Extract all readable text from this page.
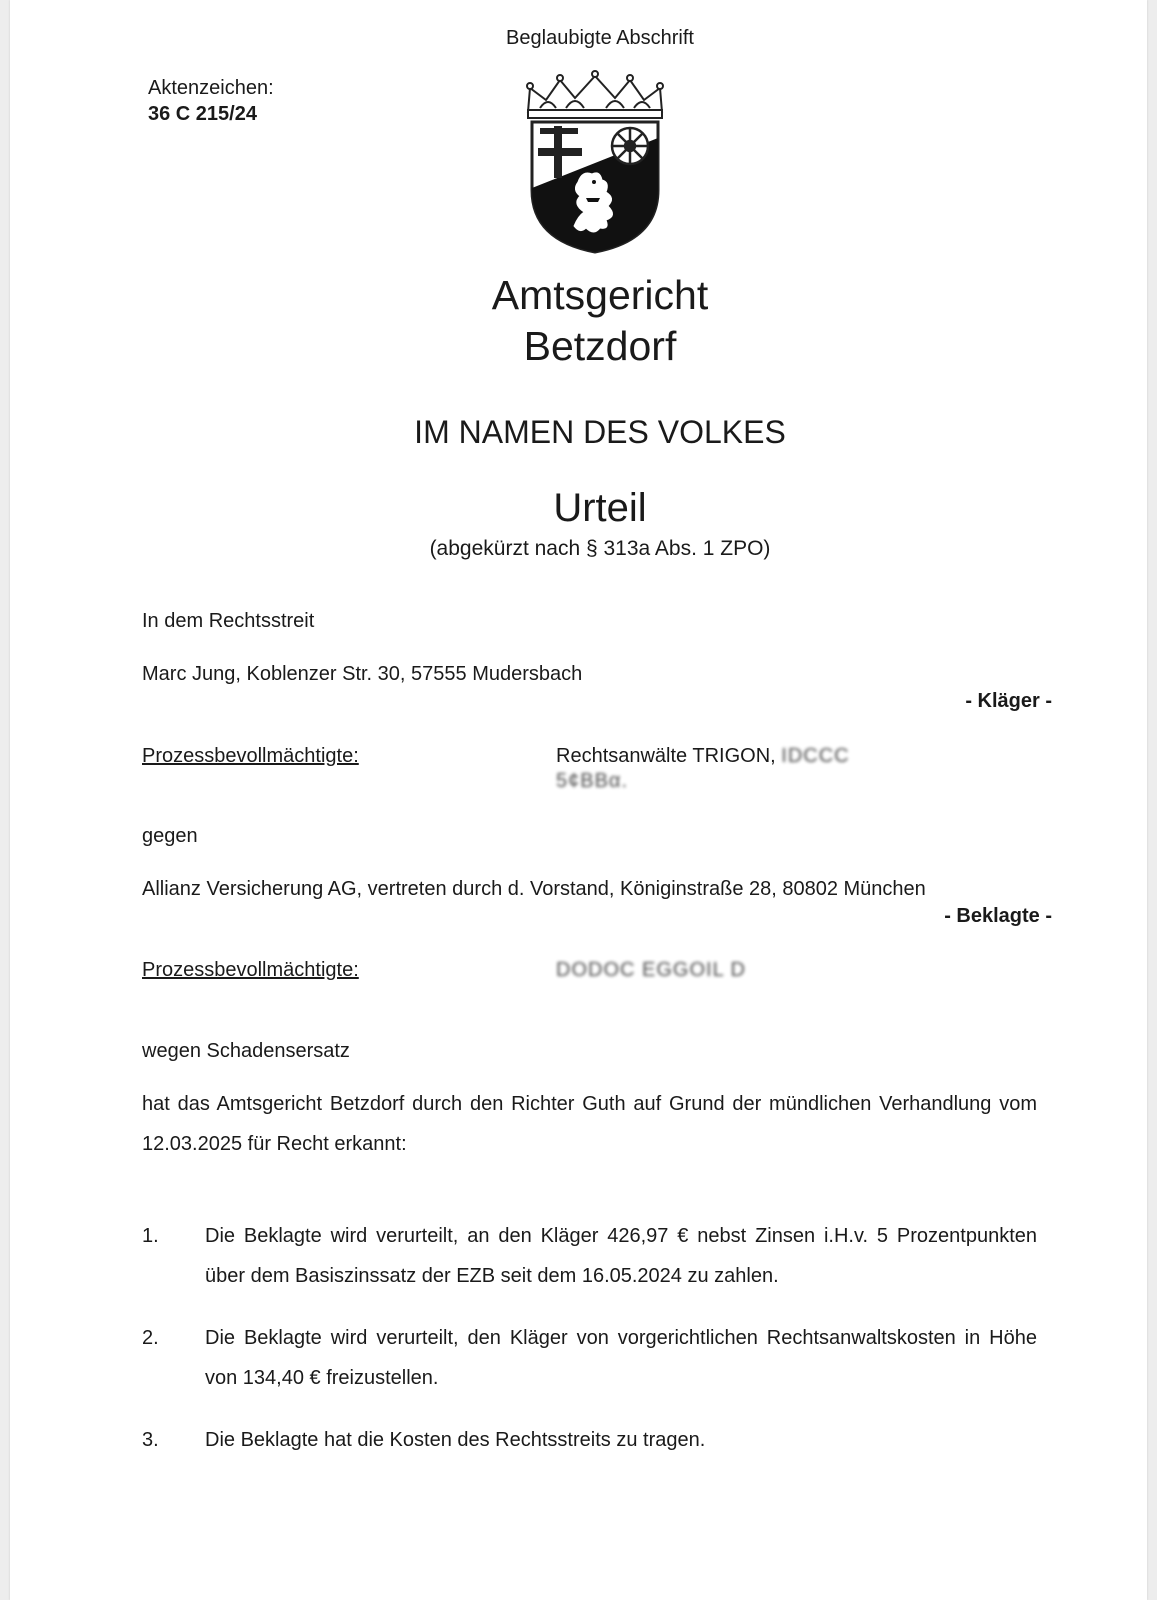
Beglaubigte Abschrift
Aktenzeichen:
36 C 215/24
Amtsgericht
Betzdorf
IM NAMEN DES VOLKES
Urteil
(abgekürzt nach § 313a Abs. 1 ZPO)
In dem Rechtsstreit
Marc Jung, Koblenzer Str. 30, 57555 Mudersbach
- Kläger -
Prozessbevollmächtigte:	Rechtsanwälte TRIGON, IDCCC
5¢BBα.
gegen
Allianz Versicherung AG, vertreten durch d. Vorstand, Königinstraße 28, 80802 München
- Beklagte -
Prozessbevollmächtigte:	DODOC EGGOIL D
wegen Schadensersatz
hat das Amtsgericht Betzdorf durch den Richter Guth auf Grund der mündlichen Verhandlung vom 12.03.2025 für Recht erkannt:
1. Die Beklagte wird verurteilt, an den Kläger 426,97 € nebst Zinsen i.H.v. 5 Prozentpunkten über dem Basiszinssatz der EZB seit dem 16.05.2024 zu zahlen.
2. Die Beklagte wird verurteilt, den Kläger von vorgerichtlichen Rechtsanwaltskosten in Höhe von 134,40 € freizustellen.
3. Die Beklagte hat die Kosten des Rechtsstreits zu tragen.
